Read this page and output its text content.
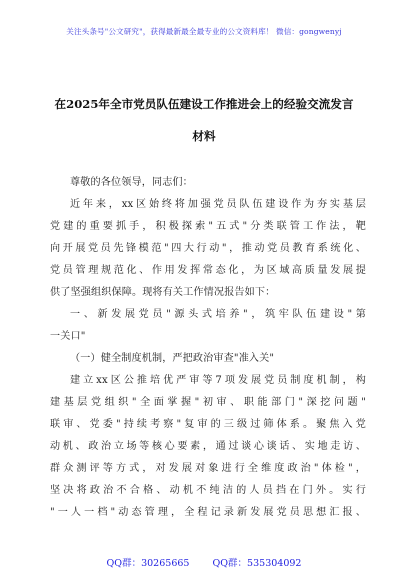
关注头条号"公文研究"，获得最新最全最专业的公文资料库！ 微信：gongwenyj
在2025年全市党员队伍建设工作推进会上的经验交流发言
材料
尊敬的各位领导，同志们：
近年来，xx区始终将加强党员队伍建设作为夯实基层
党建的重要抓手，积极探索"五式"分类联管工作法，靶
向开展党员先锋模范"四大行动"，推动党员教育系统化、
党员管理规范化、作用发挥常态化，为区域高质量发展提
供了坚强组织保障。现将有关工作情况报告如下：
一、新发展党员"源头式培养"，筑牢队伍建设"第
一关口"
（一）健全制度机制，严把政治审查"准入关"
建立xx区公推培优严审等7项发展党员制度机制，构
建基层党组织"全面掌握"初审、职能部门"深挖问题"
联审、党委"持续考察"复审的三级过筛体系。聚焦入党
动机、政治立场等核心要素，通过谈心谈话、实地走访、
群众测评等方式，对发展对象进行全维度政治"体检"，
坚决将政治不合格、动机不纯洁的人员挡在门外。实行
"一人一档"动态管理，全程记录新发展党员思想汇报、
QQ群：30265665 QQ群：535304092
